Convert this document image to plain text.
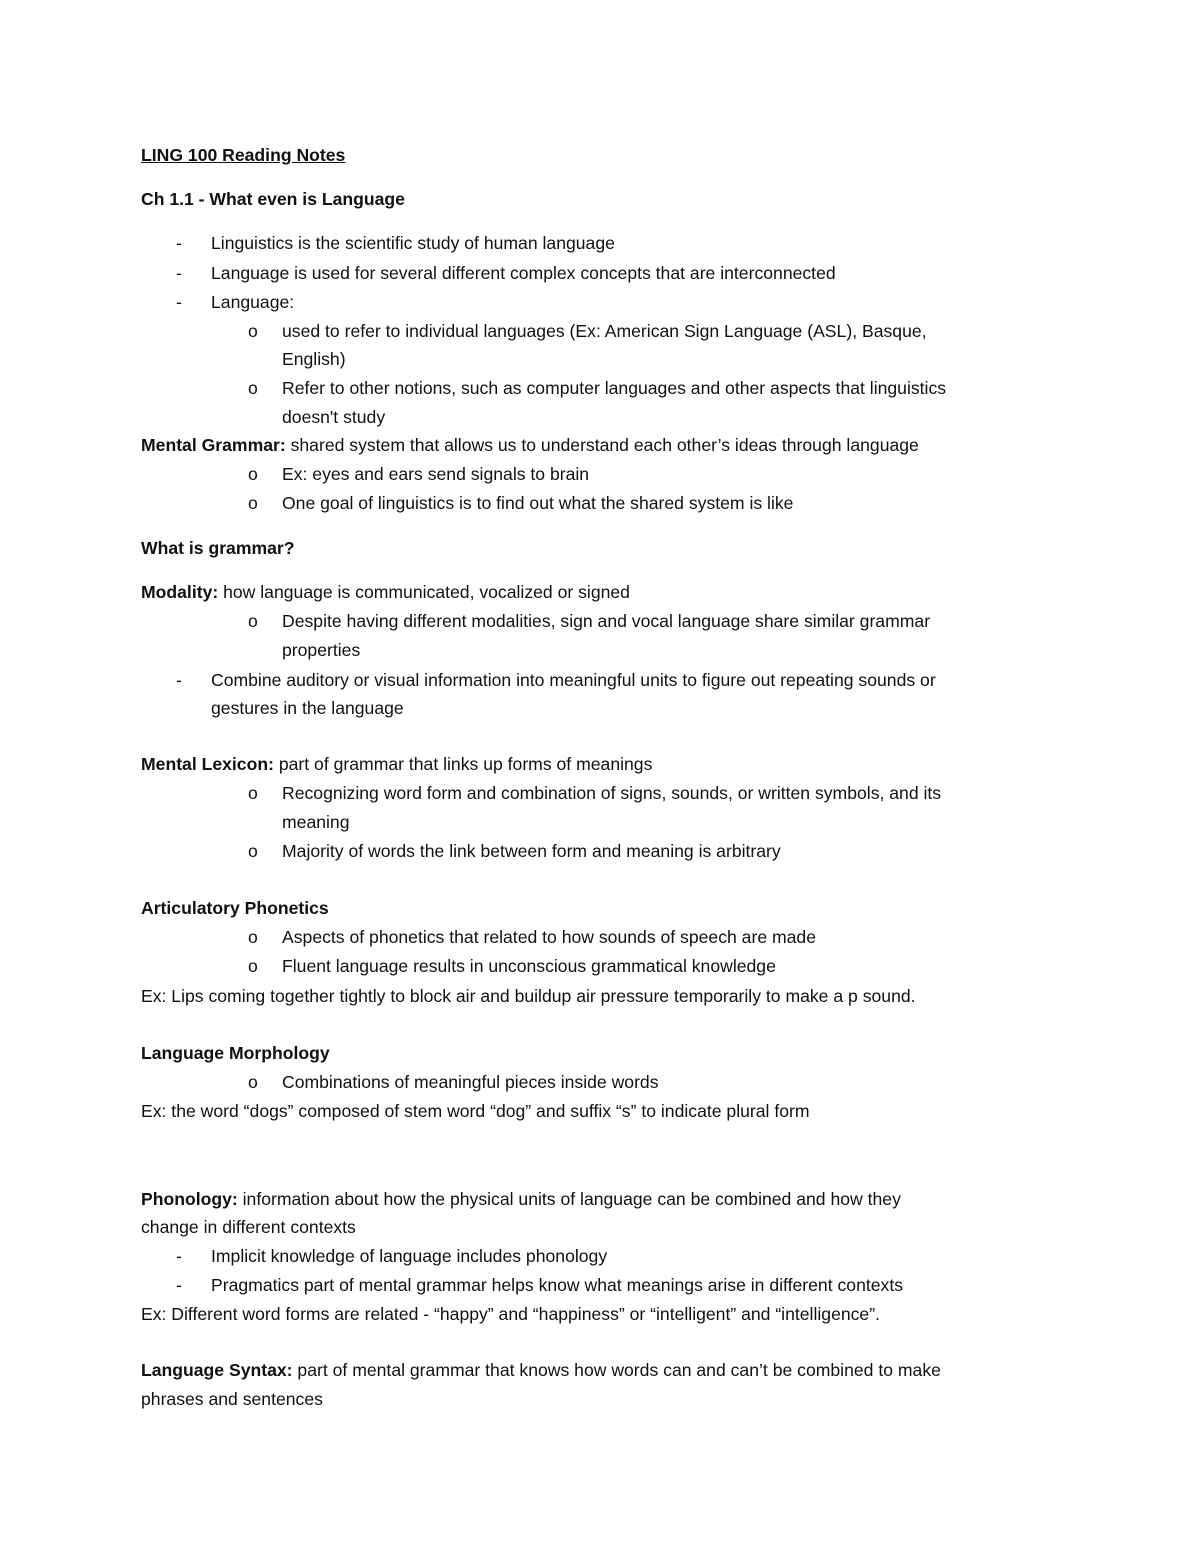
LING 100 Reading Notes
Ch 1.1 - What even is Language
- Linguistics is the scientific study of human language
- Language is used for several different complex concepts that are interconnected
- Language:
o used to refer to individual languages (Ex: American Sign Language (ASL), Basque,
English)
o Refer to other notions, such as computer languages and other aspects that linguistics
doesn't study
Mental Grammar: shared system that allows us to understand each other’s ideas through language
o Ex: eyes and ears send signals to brain
o One goal of linguistics is to find out what the shared system is like
What is grammar?
Modality: how language is communicated, vocalized or signed
o Despite having different modalities, sign and vocal language share similar grammar
properties
- Combine auditory or visual information into meaningful units to figure out repeating sounds or
gestures in the language
Mental Lexicon: part of grammar that links up forms of meanings
o Recognizing word form and combination of signs, sounds, or written symbols, and its
meaning
o Majority of words the link between form and meaning is arbitrary
Articulatory Phonetics
o Aspects of phonetics that related to how sounds of speech are made
o Fluent language results in unconscious grammatical knowledge
Ex: Lips coming together tightly to block air and buildup air pressure temporarily to make a p sound.
Language Morphology
o Combinations of meaningful pieces inside words
Ex: the word “dogs” composed of stem word “dog” and suffix “s” to indicate plural form
Phonology: information about how the physical units of language can be combined and how they
change in different contexts
- Implicit knowledge of language includes phonology
- Pragmatics part of mental grammar helps know what meanings arise in different contexts
Ex: Different word forms are related - “happy” and “happiness” or “intelligent” and “intelligence”.
Language Syntax: part of mental grammar that knows how words can and can’t be combined to make
phrases and sentences
